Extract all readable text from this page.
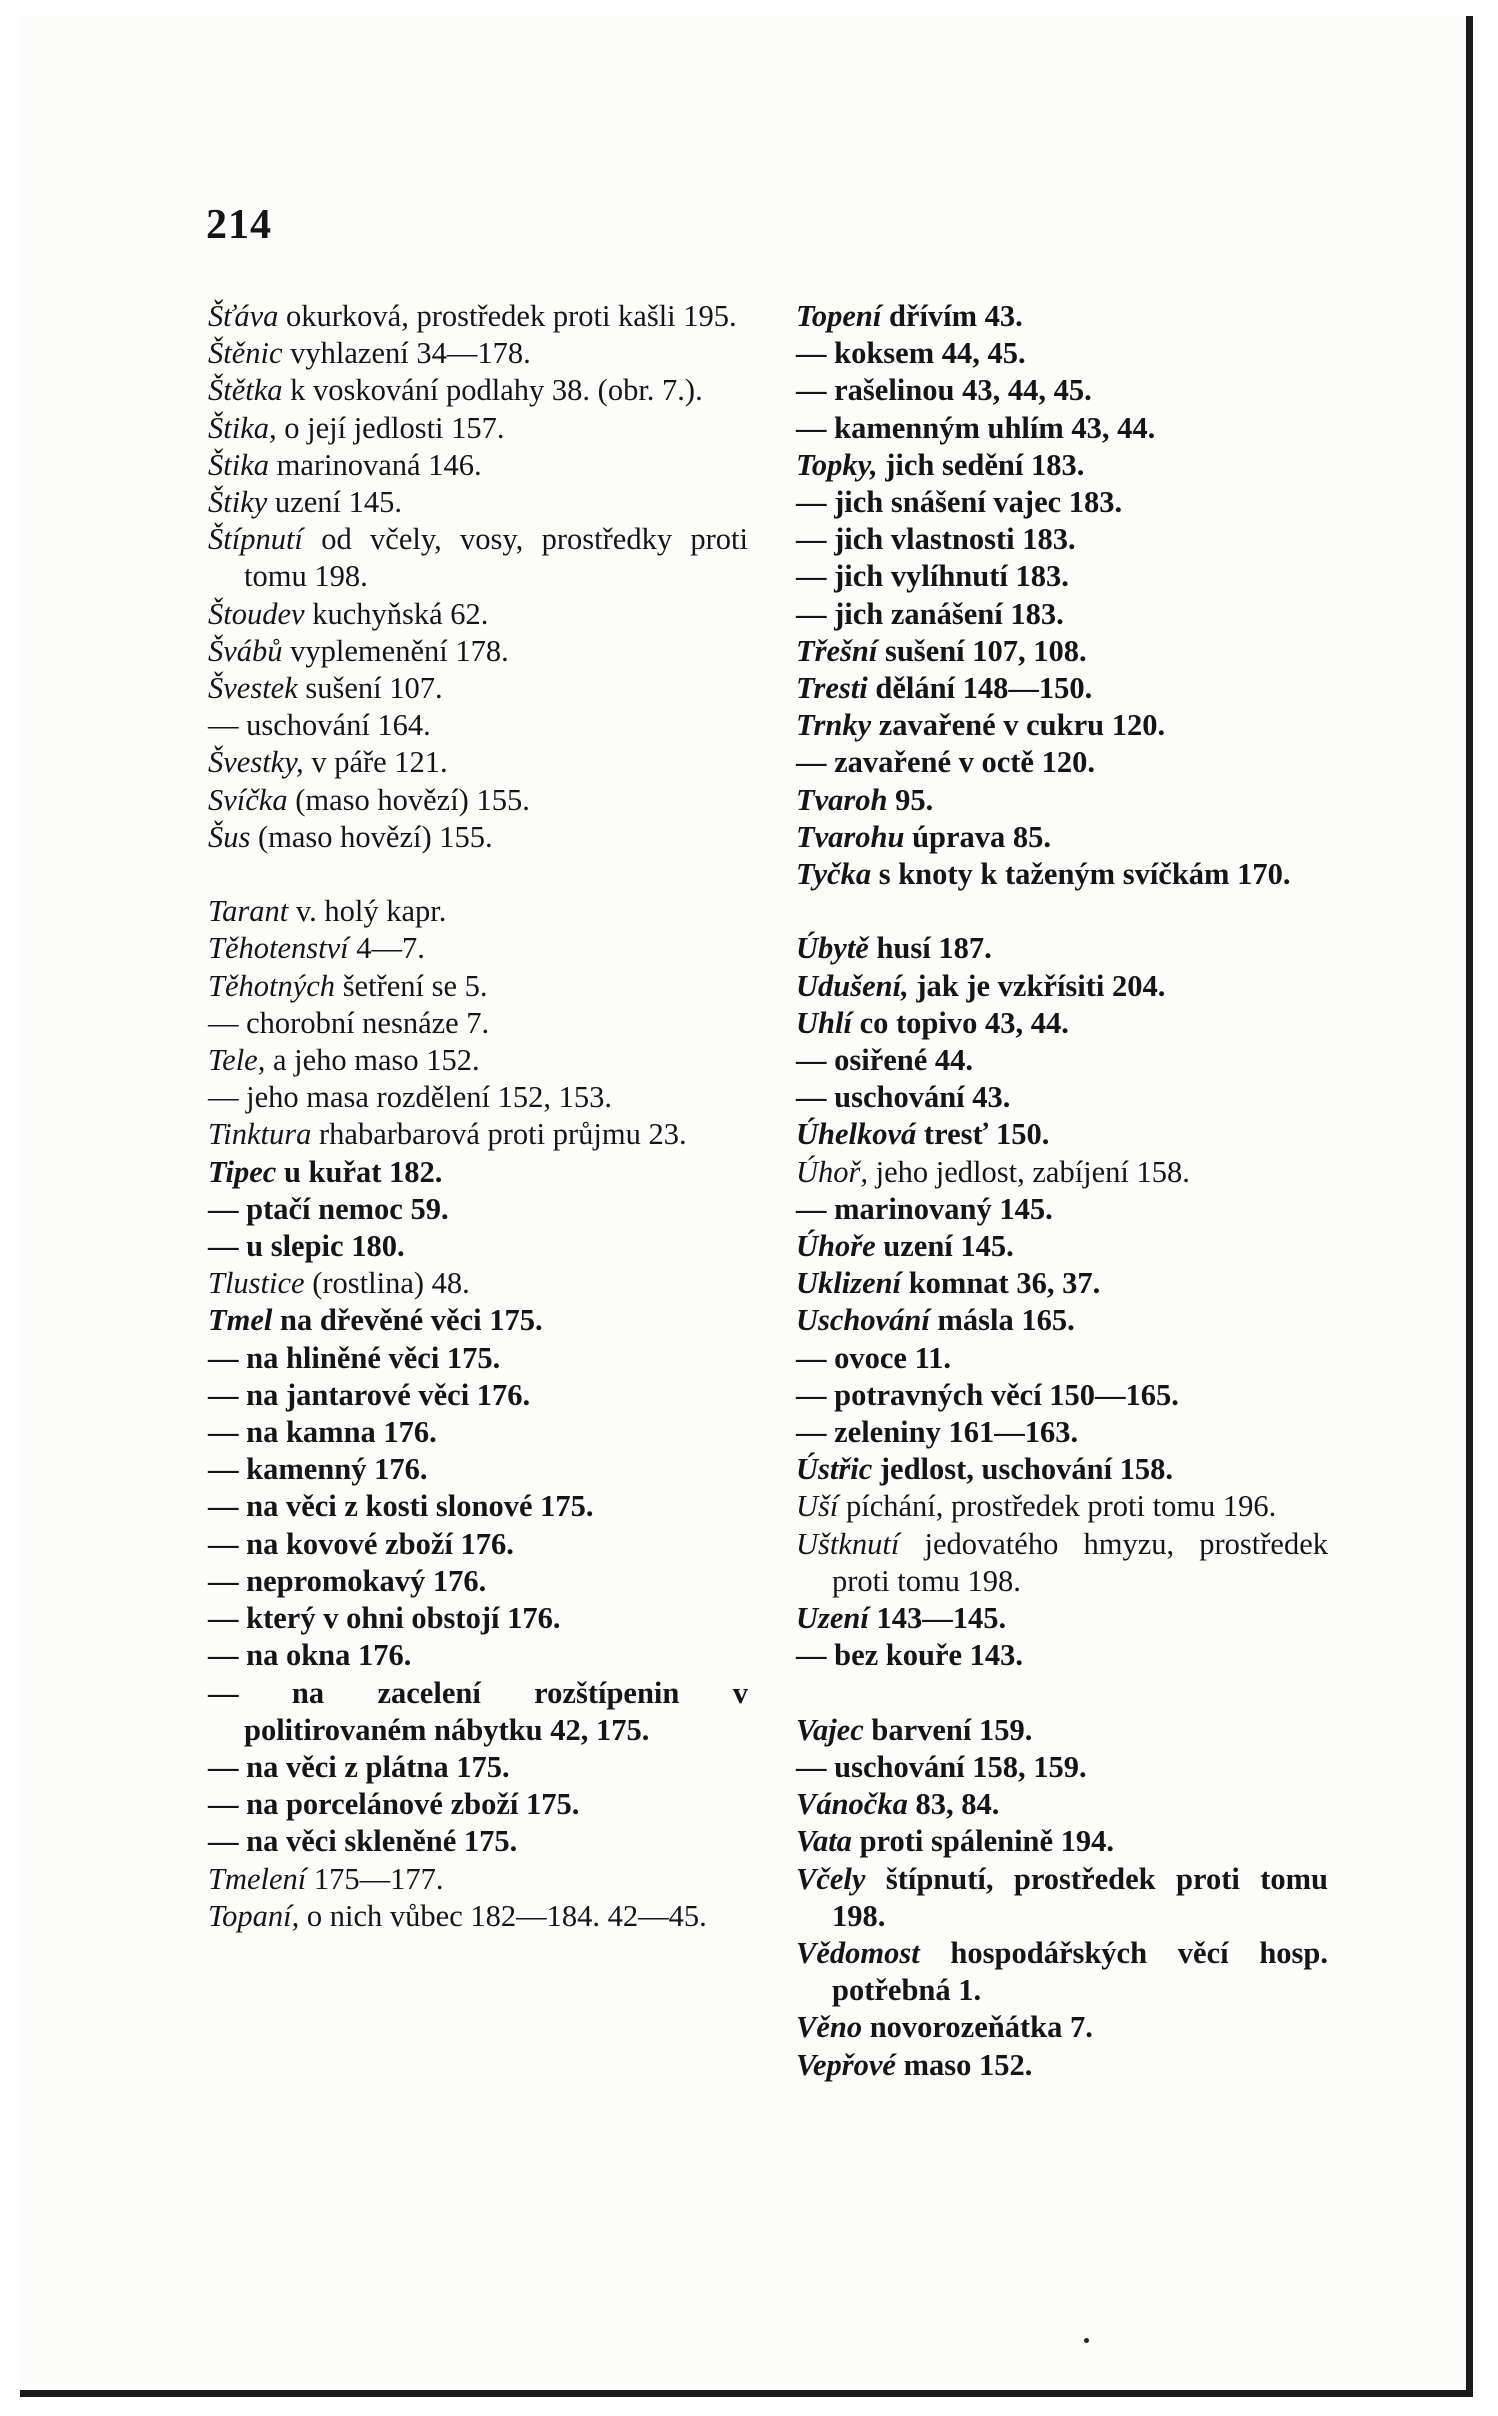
214
Šťáva okurková, prostředek proti kašli 195.
Štěnic vyhlazení 34—178.
Štětka k voskování podlahy 38. (obr. 7.).
Štika, o její jedlosti 157.
Štika marinovaná 146.
Štiky uzení 145.
Štípnutí od včely, vosy, prostředky proti tomu 198.
Štoudev kuchyňská 62.
Švábů vyplemenění 178.
Švestek sušení 107.
— uschování 164.
Švestky, v páře 121.
Svíčka (maso hovězí) 155.
Šus (maso hovězí) 155.
Tarant v. holý kapr.
Těhotenství 4—7.
Těhotných šetření se 5.
— chorobní nesnáze 7.
Tele, a jeho maso 152.
— jeho masa rozdělení 152, 153.
Tinktura rhabarbarová proti průjmu 23.
Tipec u kuřat 182.
— ptačí nemoc 59.
— u slepic 180.
Tlustice (rostlina) 48.
Tmel na dřevěné věci 175.
— na hliněné věci 175.
— na jantarové věci 176.
— na kamna 176.
— kamenný 176.
— na věci z kosti slonové 175.
— na kovové zboží 176.
— nepromokavý 176.
— který v ohni obstojí 176.
— na okna 176.
— na zacelení rozštípenin v politirovaném nábytku 42, 175.
— na věci z plátna 175.
— na porcelánové zboží 175.
— na věci skleněné 175.
Tmelení 175—177.
Topaní, o nich vůbec 182—184. 42—45.
Topení dřívím 43.
— koksem 44, 45.
— rašelinou 43, 44, 45.
— kamenným uhlím 43, 44.
Topky, jich sedění 183.
— jich snášení vajec 183.
— jich vlastnosti 183.
— jich vylíhnutí 183.
— jich zanášení 183.
Třešní sušení 107, 108.
Tresti dělání 148—150.
Trnky zavařené v cukru 120.
— zavařené v octě 120.
Tvaroh 95.
Tvarohu úprava 85.
Tyčka s knoty k taženým svíčkám 170.
Úbytě husí 187.
Udušení, jak je vzkřísiti 204.
Uhlí co topivo 43, 44.
— osiřené 44.
— uschování 43.
Úhelková tresť 150.
Úhoř, jeho jedlost, zabíjení 158.
— marinovaný 145.
Úhoře uzení 145.
Uklizení komnat 36, 37.
Uschování másla 165.
— ovoce 11.
— potravných věcí 150—165.
— zeleniny 161—163.
Ústřic jedlost, uschování 158.
Uší píchání, prostředek proti tomu 196.
Uštknutí jedovatého hmyzu, prostředek proti tomu 198.
Uzení 143—145.
— bez kouře 143.
Vajec barvení 159.
— uschování 158, 159.
Vánočka 83, 84.
Vata proti spálenině 194.
Včely štípnutí, prostředek proti tomu 198.
Vědomost hospodářských věcí hosp. potřebná 1.
Věno novorozeňátka 7.
Vepřové maso 152.
